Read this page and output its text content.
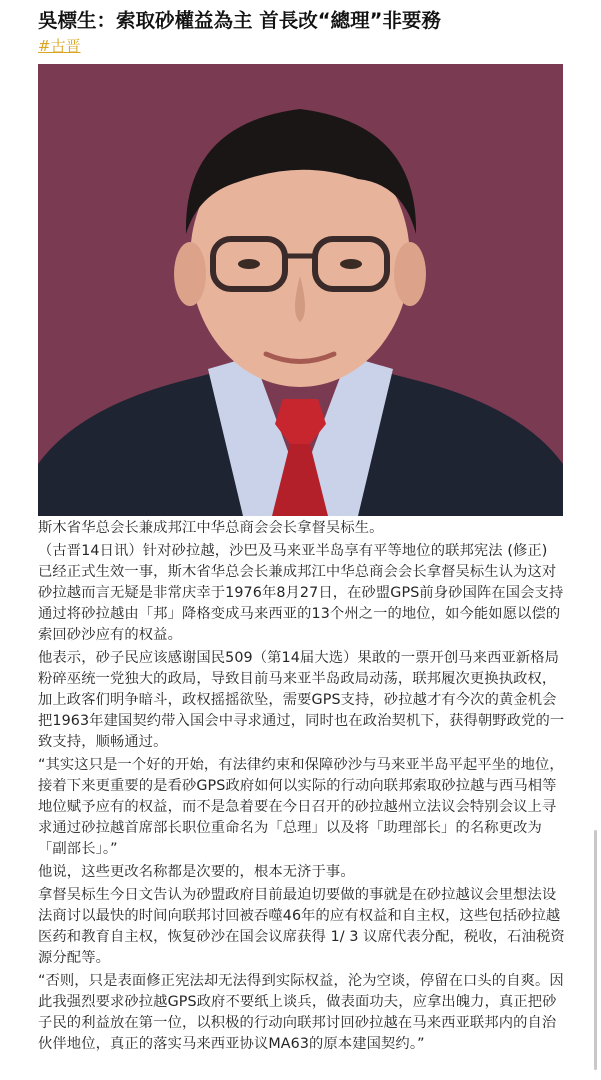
吳標生：索取砂權益為主 首長改“總理”非要務
#古晋

斯木省华总会长兼成邦江中华总商会会长拿督吴标生。

（古晋14日讯）针对砂拉越，沙巴及马来亚半岛享有平等地位的联邦宪法 (修正) 已经正式生效一事，斯木省华总会长兼成邦江中华总商会会长拿督吴标生认为这对砂拉越而言无疑是非常庆幸于1976年8月27日，在砂盟GPS前身砂国阵在国会支持通过将砂拉越由「邦」降格变成马来西亚的13个州之一的地位，如今能如愿以偿的索回砂沙应有的权益。

他表示，砂子民应该感谢国民509（第14届大选）果敢的一票开创马来西亚新格局粉碎巫统一党独大的政局，导致目前马来亚半岛政局动荡，联邦履次更换执政权，加上政客们明争暗斗，政权摇摇欲坠，需要GPS支持，砂拉越才有今次的黄金机会把1963年建国契约带入国会中寻求通过，同时也在政治契机下，获得朝野政党的一致支持，顺畅通过。

“其实这只是一个好的开始，有法律约束和保障砂沙与马来亚半岛平起平坐的地位，接着下来更重要的是看砂GPS政府如何以实际的行动向联邦索取砂拉越与西马相等地位赋予应有的权益，而不是急着要在今日召开的砂拉越州立法议会特别会议上寻求通过砂拉越首席部长职位重命名为「总理」以及将「助理部长」的名称更改为「副部长」。”

他说，这些更改名称都是次要的，根本无济于事。

拿督吴标生今日文告认为砂盟政府目前最迫切要做的事就是在砂拉越议会里想法设法商讨以最快的时间向联邦讨回被吞噬46年的应有权益和自主权，这些包括砂拉越医药和教育自主权，恢复砂沙在国会议席获得 1/ 3 议席代表分配，税收，石油税资源分配等。

“否则，只是表面修正宪法却无法得到实际权益，沦为空谈，停留在口头的自爽。因此我强烈要求砂拉越GPS政府不要纸上谈兵，做表面功夫，应拿出魄力，真正把砂子民的利益放在第一位，以积极的行动向联邦讨回砂拉越在马来西亚联邦内的自治伙伴地位，真正的落实马来西亚协议MA63的原本建国契约。”
